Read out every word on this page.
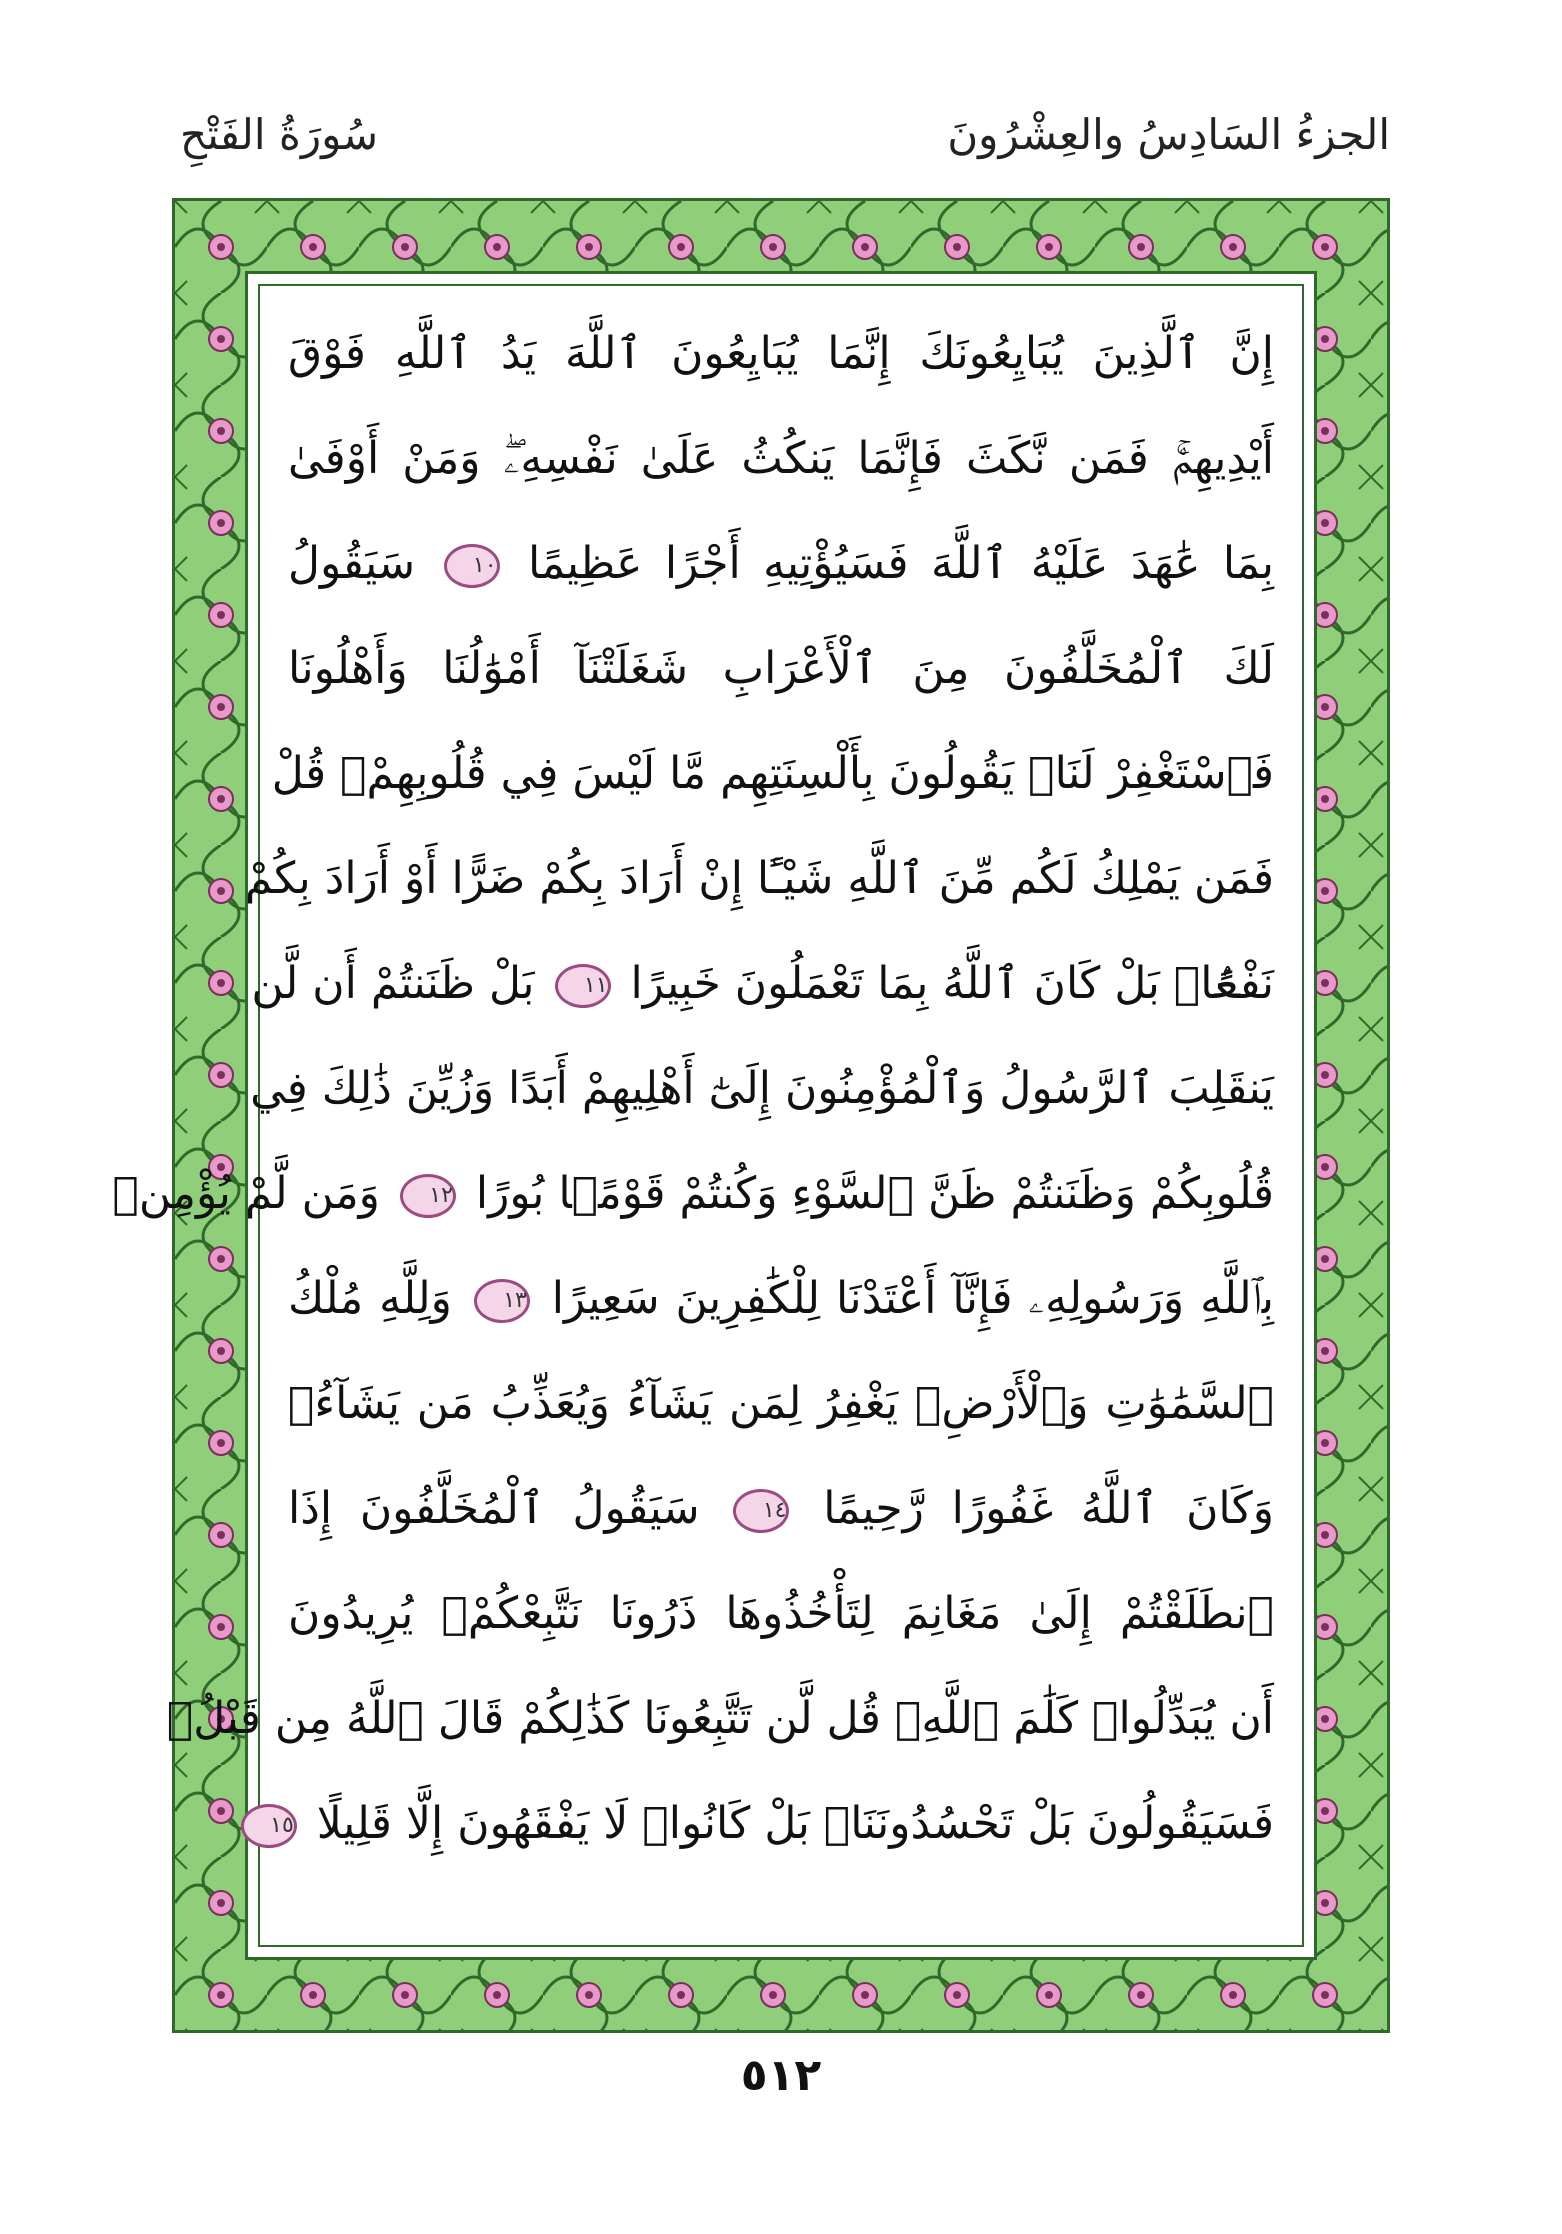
الجزءُ السَادِسُ والعِشْرُونَ
سُورَةُ الفَتْحِ
إِنَّ ٱلَّذِينَ يُبَايِعُونَكَ إِنَّمَا يُبَايِعُونَ ٱللَّهَ يَدُ ٱللَّهِ فَوْقَ
أَيْدِيهِمْۚ فَمَن نَّكَثَ فَإِنَّمَا يَنكُثُ عَلَىٰ نَفْسِهِۦۖ وَمَنْ أَوْفَىٰ
بِمَا عَٰهَدَ عَلَيْهُ ٱللَّهَ فَسَيُؤْتِيهِ أَجْرًا عَظِيمًا ١٠ سَيَقُولُ
لَكَ ٱلْمُخَلَّفُونَ مِنَ ٱلْأَعْرَابِ شَغَلَتْنَآ أَمْوَٰلُنَا وَأَهْلُونَا
فَٱسْتَغْفِرْ لَنَاۚ يَقُولُونَ بِأَلْسِنَتِهِم مَّا لَيْسَ فِي قُلُوبِهِمْۚ قُلْ
فَمَن يَمْلِكُ لَكُم مِّنَ ٱللَّهِ شَيْـًٔا إِنْ أَرَادَ بِكُمْ ضَرًّا أَوْ أَرَادَ بِكُمْ
نَفْعًۢاۚ بَلْ كَانَ ٱللَّهُ بِمَا تَعْمَلُونَ خَبِيرًا ١١ بَلْ ظَنَنتُمْ أَن لَّن
يَنقَلِبَ ٱلرَّسُولُ وَٱلْمُؤْمِنُونَ إِلَىٰٓ أَهْلِيهِمْ أَبَدًا وَزُيِّنَ ذَٰلِكَ فِي
قُلُوبِكُمْ وَظَنَنتُمْ ظَنَّ ٱلسَّوْءِ وَكُنتُمْ قَوْمًۢا بُورًا ١٢ وَمَن لَّمْ يُؤْمِنۢ
بِٱللَّهِ وَرَسُولِهِۦ فَإِنَّآ أَعْتَدْنَا لِلْكَٰفِرِينَ سَعِيرًا ١٣ وَلِلَّهِ مُلْكُ
ٱلسَّمَٰوَٰتِ وَٱلْأَرْضِۚ يَغْفِرُ لِمَن يَشَآءُ وَيُعَذِّبُ مَن يَشَآءُۚ
وَكَانَ ٱللَّهُ غَفُورًا رَّحِيمًا ١٤ سَيَقُولُ ٱلْمُخَلَّفُونَ إِذَا
ٱنطَلَقْتُمْ إِلَىٰ مَغَانِمَ لِتَأْخُذُوهَا ذَرُونَا نَتَّبِعْكُمْۖ يُرِيدُونَ
أَن يُبَدِّلُوا۟ كَلَٰمَ ٱللَّهِۚ قُل لَّن تَتَّبِعُونَا كَذَٰلِكُمْ قَالَ ٱللَّهُ مِن قَبْلُۖ
فَسَيَقُولُونَ بَلْ تَحْسُدُونَنَاۚ بَلْ كَانُوا۟ لَا يَفْقَهُونَ إِلَّا قَلِيلًا ١٥
٥١٢
